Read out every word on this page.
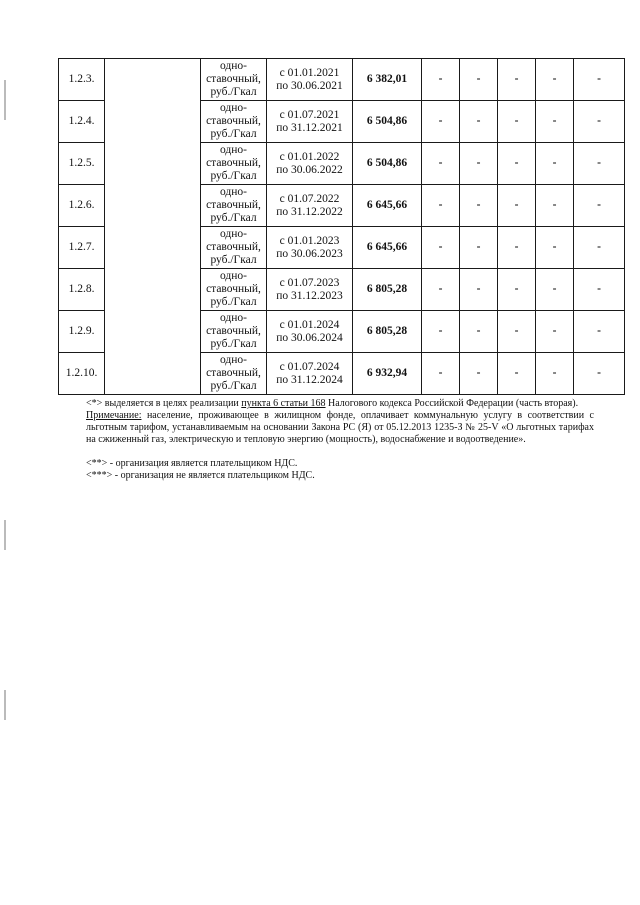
1.2.3.		одно-
ставочный,
руб./Гкал	с 01.01.2021
по 30.06.2021	6 382,01	-	-	-	-	-
1.2.4.		одно-
ставочный,
руб./Гкал	с 01.07.2021
по 31.12.2021	6 504,86	-	-	-	-	-
1.2.5.		одно-
ставочный,
руб./Гкал	с 01.01.2022
по 30.06.2022	6 504,86	-	-	-	-	-
1.2.6.		одно-
ставочный,
руб./Гкал	с 01.07.2022
по 31.12.2022	6 645,66	-	-	-	-	-
1.2.7.		одно-
ставочный,
руб./Гкал	с 01.01.2023
по 30.06.2023	6 645,66	-	-	-	-	-
1.2.8.		одно-
ставочный,
руб./Гкал	с 01.07.2023
по 31.12.2023	6 805,28	-	-	-	-	-
1.2.9.		одно-
ставочный,
руб./Гкал	с 01.01.2024
по 30.06.2024	6 805,28	-	-	-	-	-
1.2.10.		одно-
ставочный,
руб./Гкал	с 01.07.2024
по 31.12.2024	6 932,94	-	-	-	-	-

<*> выделяется в целях реализации пункта 6 статьи 168 Налогового кодекса Российской Федерации (часть вторая).

Примечание: население, проживающее в жилищном фонде, оплачивает коммунальную услугу в соответствии с льготным тарифом, устанавливаемым на основании Закона РС (Я) от 05.12.2013 1235-З № 25-V «О льготных тарифах на сжиженный газ, электрическую и тепловую энергию (мощность), водоснабжение и водоотведение».

<**> - организация является плательщиком НДС.

<***> - организация не является плательщиком НДС.
